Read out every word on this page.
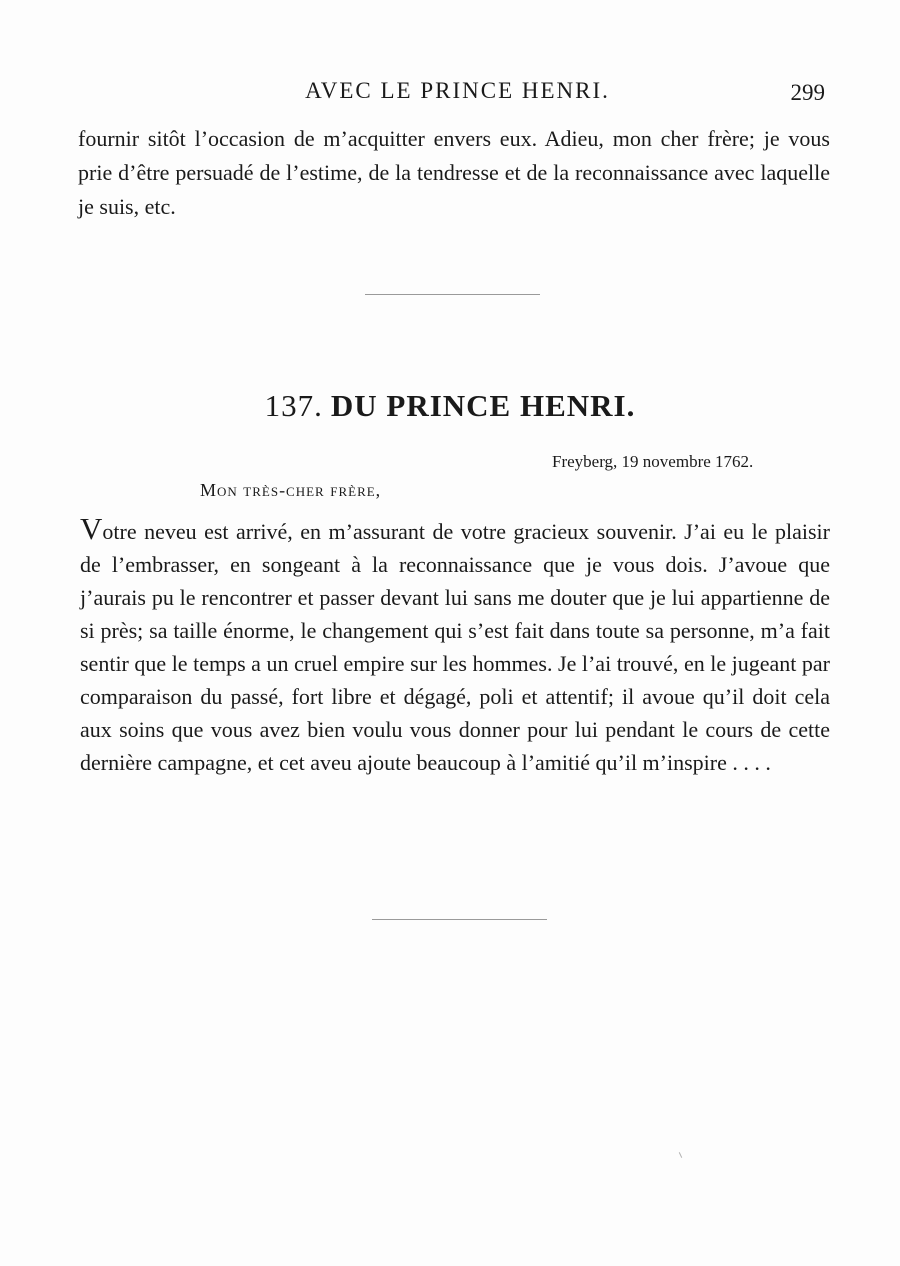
AVEC LE PRINCE HENRI.	299
fournir sitôt l’occasion de m’acquitter envers eux. Adieu, mon cher frère; je vous prie d’être persuadé de l’estime, de la tendresse et de la reconnaissance avec laquelle je suis, etc.
137. DU PRINCE HENRI.
Freyberg, 19 novembre 1762.
Mon très-cher frère,
Votre neveu est arrivé, en m’assurant de votre gracieux souvenir. J’ai eu le plaisir de l’embrasser, en songeant à la reconnaissance que je vous dois. J’avoue que j’aurais pu le rencontrer et passer devant lui sans me douter que je lui appartienne de si près; sa taille énorme, le changement qui s’est fait dans toute sa personne, m’a fait sentir que le temps a un cruel empire sur les hommes. Je l’ai trouvé, en le jugeant par comparaison du passé, fort libre et dégagé, poli et attentif; il avoue qu’il doit cela aux soins que vous avez bien voulu vous donner pour lui pendant le cours de cette dernière campagne, et cet aveu ajoute beaucoup à l’amitié qu’il m’inspire . . . .
